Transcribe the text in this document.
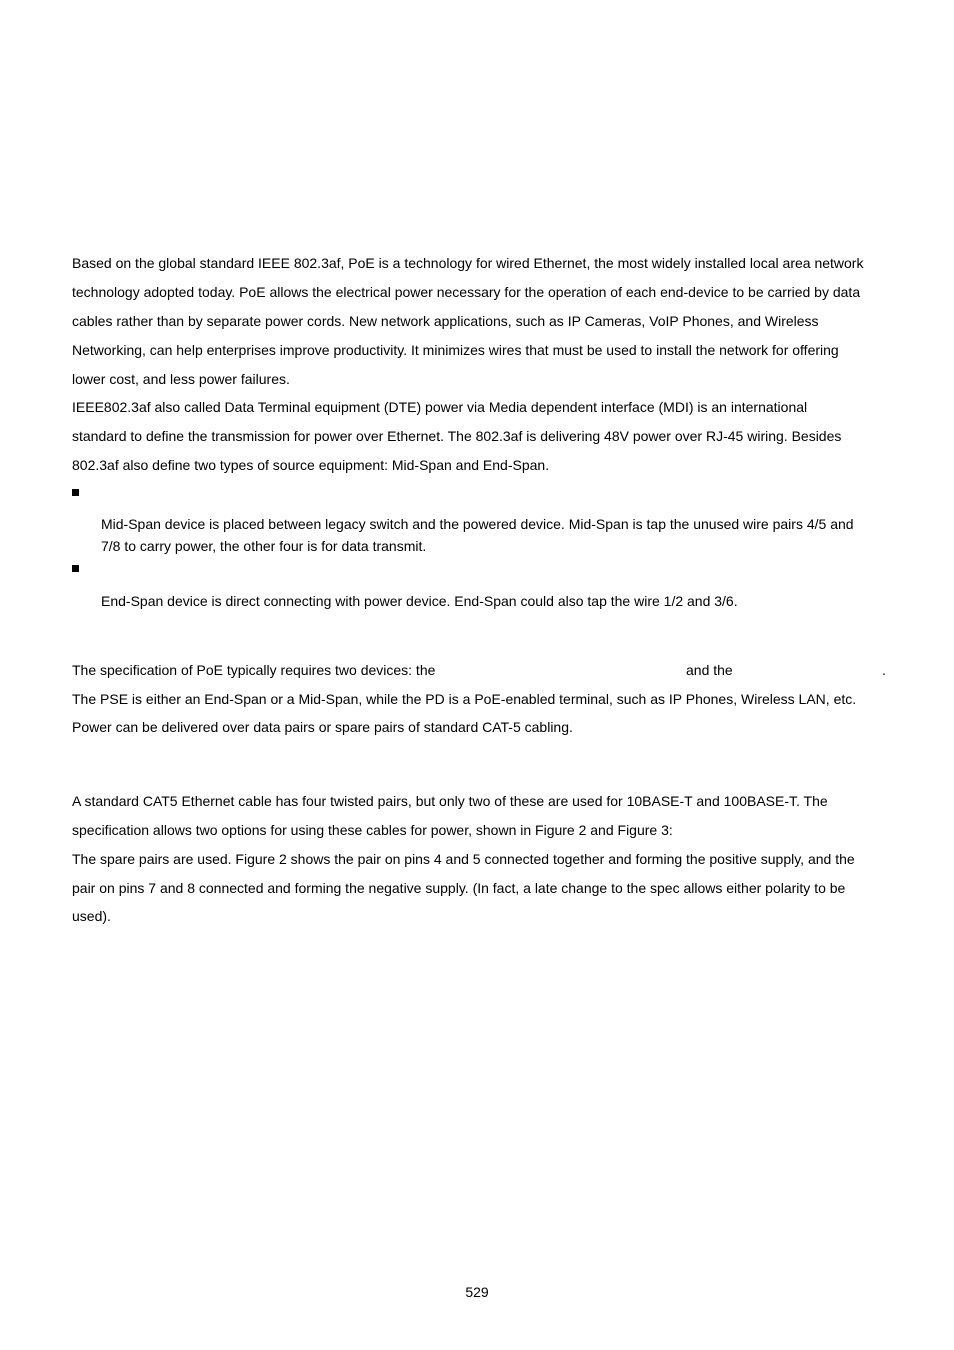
Based on the global standard IEEE 802.3af, PoE is a technology for wired Ethernet, the most widely installed local area network
technology adopted today. PoE allows the electrical power necessary for the operation of each end-device to be carried by data
cables rather than by separate power cords. New network applications, such as IP Cameras, VoIP Phones, and Wireless
Networking, can help enterprises improve productivity. It minimizes wires that must be used to install the network for offering
lower cost, and less power failures.
IEEE802.3af also called Data Terminal equipment (DTE) power via Media dependent interface (MDI) is an international
standard to define the transmission for power over Ethernet. The 802.3af is delivering 48V power over RJ-45 wiring. Besides
802.3af also define two types of source equipment: Mid-Span and End-Span.
Mid-Span device is placed between legacy switch and the powered device. Mid-Span is tap the unused wire pairs 4/5 and
7/8 to carry power, the other four is for data transmit.
End-Span device is direct connecting with power device. End-Span could also tap the wire 1/2 and 3/6.
The specification of PoE typically requires two devices: the	and the	.
The PSE is either an End-Span or a Mid-Span, while the PD is a PoE-enabled terminal, such as IP Phones, Wireless LAN, etc.
Power can be delivered over data pairs or spare pairs of standard CAT-5 cabling.
A standard CAT5 Ethernet cable has four twisted pairs, but only two of these are used for 10BASE-T and 100BASE-T. The
specification allows two options for using these cables for power, shown in Figure 2 and Figure 3:
The spare pairs are used. Figure 2 shows the pair on pins 4 and 5 connected together and forming the positive supply, and the
pair on pins 7 and 8 connected and forming the negative supply. (In fact, a late change to the spec allows either polarity to be
used).
529
